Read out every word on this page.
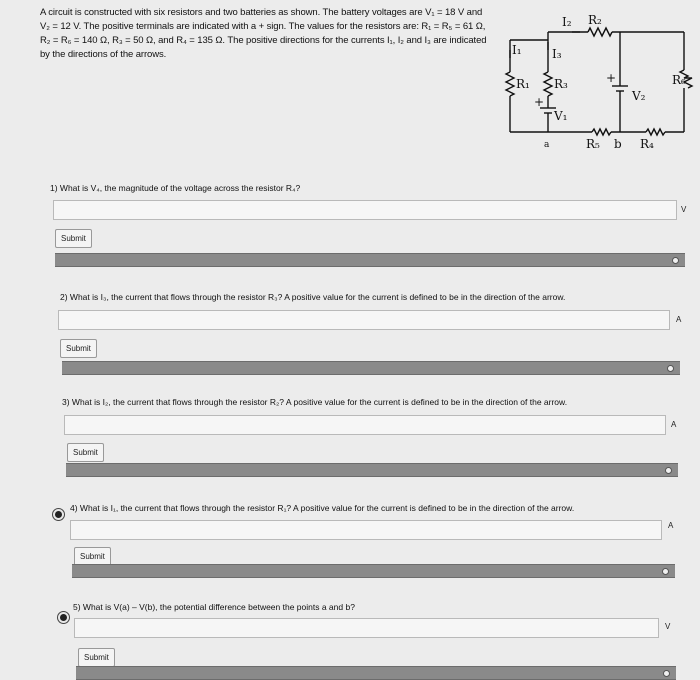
A circuit is constructed with six resistors and two batteries as shown. The battery voltages are V₁ = 18 V and V₂ = 12 V. The positive terminals are indicated with a + sign. The values for the resistors are: R₁ = R₅ = 61 Ω, R₂ = R₆ = 140 Ω, R₃ = 50 Ω, and R₄ = 135 Ω. The positive directions for the currents I₁, I₂ and I₃ are indicated by the directions of the arrows.	I₁	I₃
I₂ R₂
R₁ R₃	R₆
+
V₁
+
V₂
a	R₅ b R₄
1) What is V₄, the magnitude of the voltage across the resistor R₄?
V
Submit
2) What is I₃, the current that flows through the resistor R₃? A positive value for the current is defined to be in the direction of the arrow.
A
Submit
3) What is I₂, the current that flows through the resistor R₂? A positive value for the current is defined to be in the direction of the arrow.
A
Submit
4) What is I₁, the current that flows through the resistor R₁? A positive value for the current is defined to be in the direction of the arrow.
A
Submit
5) What is V(a) – V(b), the potential difference between the points a and b?
V
Submit
